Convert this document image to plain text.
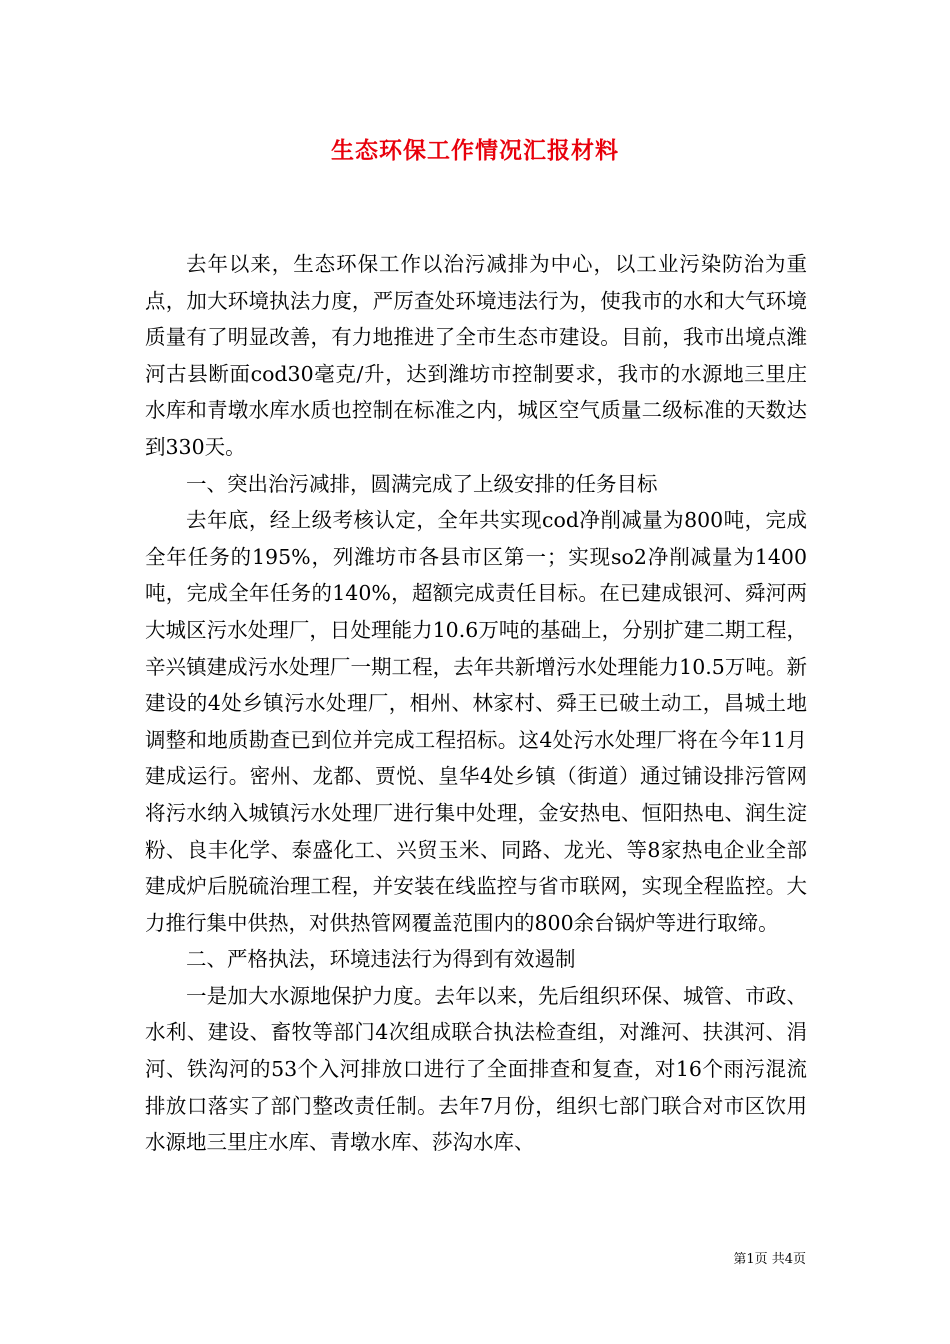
生态环保工作情况汇报材料

去年以来，生态环保工作以治污减排为中心，以工业污染防治为重点，加大环境执法力度，严厉查处环境违法行为，使我市的水和大气环境质量有了明显改善，有力地推进了全市生态市建设。目前，我市出境点潍河古县断面cod30毫克/升，达到潍坊市控制要求，我市的水源地三里庄水库和青墩水库水质也控制在标准之内，城区空气质量二级标准的天数达到330天。

一、突出治污减排，圆满完成了上级安排的任务目标

去年底，经上级考核认定，全年共实现cod净削减量为800吨，完成全年任务的195%，列潍坊市各县市区第一；实现so2净削减量为1400吨，完成全年任务的140%，超额完成责任目标。在已建成银河、舜河两大城区污水处理厂，日处理能力10.6万吨的基础上，分别扩建二期工程，辛兴镇建成污水处理厂一期工程，去年共新增污水处理能力10.5万吨。新建设的4处乡镇污水处理厂，相州、林家村、舜王已破土动工，昌城土地调整和地质勘查已到位并完成工程招标。这4处污水处理厂将在今年11月建成运行。密州、龙都、贾悦、皇华4处乡镇（街道）通过铺设排污管网将污水纳入城镇污水处理厂进行集中处理，金安热电、恒阳热电、润生淀粉、良丰化学、泰盛化工、兴贸玉米、同路、龙光、等8家热电企业全部建成炉后脱硫治理工程，并安装在线监控与省市联网，实现全程监控。大力推行集中供热，对供热管网覆盖范围内的800余台锅炉等进行取缔。

二、严格执法，环境违法行为得到有效遏制

一是加大水源地保护力度。去年以来，先后组织环保、城管、市政、水利、建设、畜牧等部门4次组成联合执法检查组，对潍河、扶淇河、涓河、铁沟河的53个入河排放口进行了全面排查和复查，对16个雨污混流排放口落实了部门整改责任制。去年7月份，组织七部门联合对市区饮用水源地三里庄水库、青墩水库、莎沟水库、

第1页 共4页
